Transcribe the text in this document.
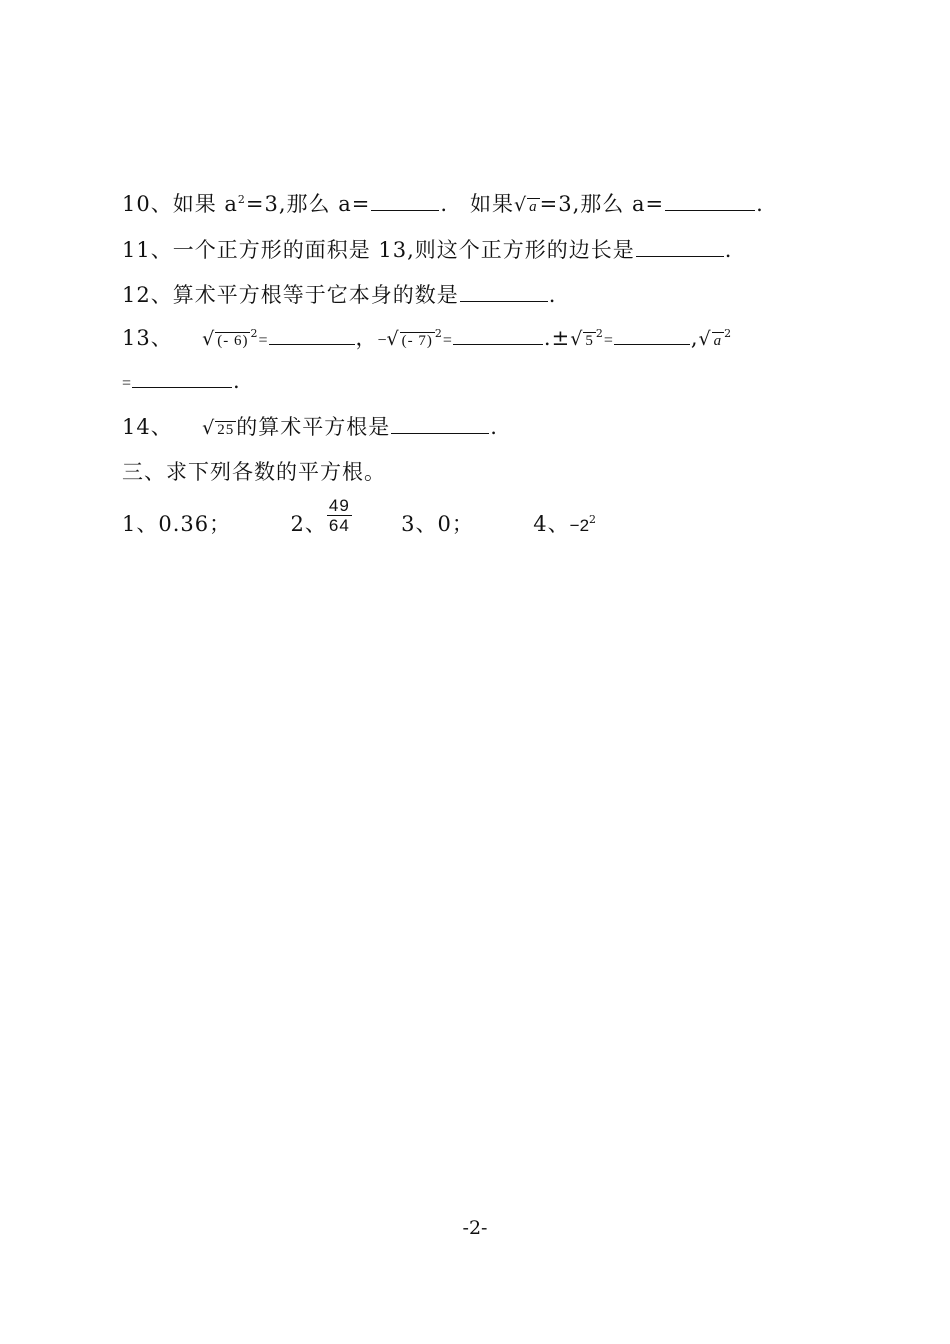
10、如果 $a^2=3$,那么 a=	.　如果√ a=3,那么 a=	.
11、一个正方形的面积是 13,则这个正方形的边长是	.
12、算术平方根等于它本身的数是	.
13、 √ (- 6) $^2$=	，−√ (- 7) $^2$=	.±√ 5 $^2$=	,√ a $^2$
=	.
14、 √ 25的算术平方根是	.
三、求下列各数的平方根。
1、0.36；	2、 $\frac{49}{64} 3$、0；	4、$-2^2$
-2-
